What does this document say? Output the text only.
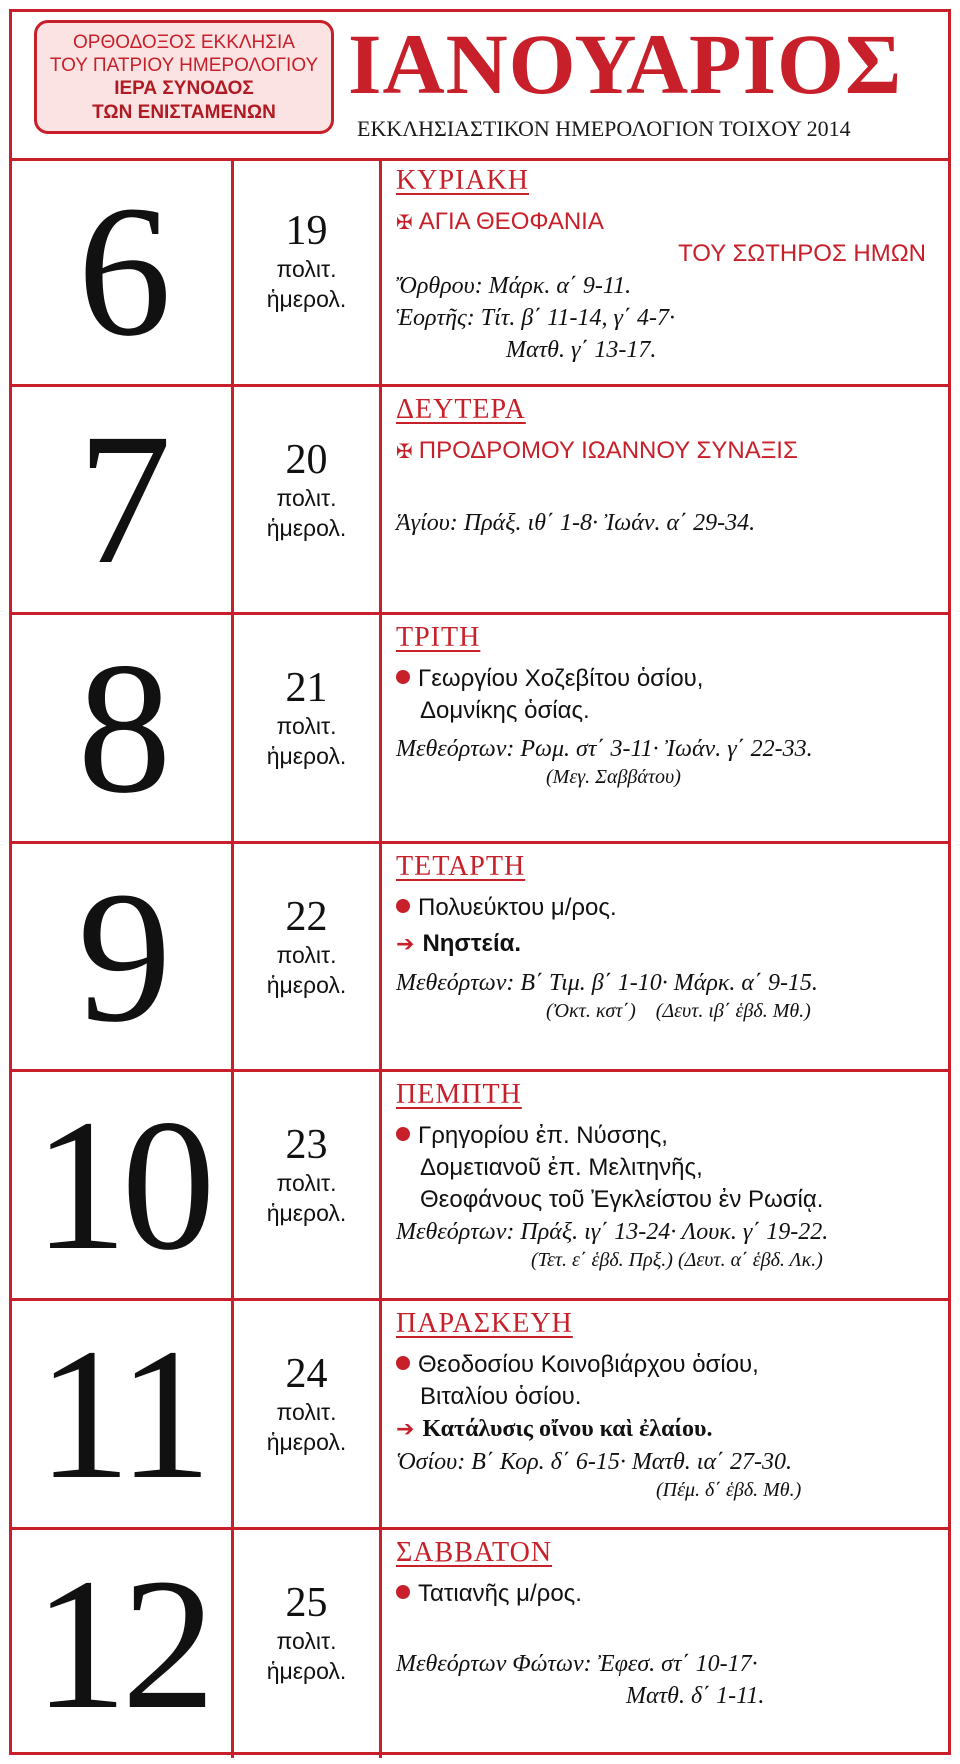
ΟΡΘΟΔΟΞΟΣ ΕΚΚΛΗΣΙΑ
ΤΟΥ ΠΑΤΡΙΟΥ ΗΜΕΡΟΛΟΓΙΟΥ
ΙΕΡΑ ΣΥΝΟΔΟΣ
ΤΩΝ ΕΝΙΣΤΑΜΕΝΩΝ
ΙΑΝΟΥΑΡΙΟΣ
ΕΚΚΛΗΣΙΑΣΤΙΚΟΝ ΗΜΕΡΟΛΟΓΙΟΝ ΤΟΙΧΟΥ 2014
6	19
πολιτ.
ἡμερολ.
ΚΥΡΙΑΚΗ
✠ ΑΓΙΑ ΘΕΟΦΑΝΙΑ
ΤΟΥ ΣΩΤΗΡΟΣ ΗΜΩΝ
Ὄρθρου: Μάρκ. α΄ 9-11.
Ἑορτῆς: Τίτ. β΄ 11-14, γ΄ 4-7·
Ματθ. γ΄ 13-17.
7	20
πολιτ.
ἡμερολ.
ΔΕΥΤΕΡΑ
✠ ΠΡΟΔΡΟΜΟΥ ΙΩΑΝΝΟΥ ΣΥΝΑΞΙΣ
Ἁγίου: Πράξ. ιθ΄ 1-8· Ἰωάν. α΄ 29-34.
8	21
πολιτ.
ἡμερολ.
ΤΡΙΤΗ
Γεωργίου Χοζεβίτου ὁσίου,
Δομνίκης ὁσίας.
Μεθεόρτων: Ρωμ. στ΄ 3-11· Ἰωάν. γ΄ 22-33.
(Μεγ. Σαββάτου)
9	22
πολιτ.
ἡμερολ.
ΤΕΤΑΡΤΗ
Πολυεύκτου μ/ρος.
➔ Νηστεία.
Μεθεόρτων: Β΄ Τιμ. β΄ 1-10· Μάρκ. α΄ 9-15.
(Ὀκτ. κστ΄)    (Δευτ. ιβ΄ ἑβδ. Μθ.)
10	23
πολιτ.
ἡμερολ.
ΠΕΜΠΤΗ
Γρηγορίου ἐπ. Νύσσης,
Δομετιανοῦ ἐπ. Μελιτηνῆς,
Θεοφάνους τοῦ Ἐγκλείστου ἐν Ρωσίᾳ.
Μεθεόρτων: Πράξ. ιγ΄ 13-24· Λουκ. γ΄ 19-22.
(Τετ. ε΄ ἑβδ. Πρξ.) (Δευτ. α΄ ἑβδ. Λκ.)
11	24
πολιτ.
ἡμερολ.
ΠΑΡΑΣΚΕΥΗ
Θεοδοσίου Κοινοβιάρχου ὁσίου,
Βιταλίου ὁσίου.
➔ Κατάλυσις οἴνου καὶ ἐλαίου.
Ὁσίου: Β΄ Κορ. δ΄ 6-15· Ματθ. ια΄ 27-30.
(Πέμ. δ΄ ἑβδ. Μθ.)
12	25
πολιτ.
ἡμερολ.
ΣΑΒΒΑΤΟΝ
Τατιανῆς μ/ρος.
Μεθεόρτων Φώτων: Ἐφεσ. στ΄ 10-17·
Ματθ. δ΄ 1-11.
